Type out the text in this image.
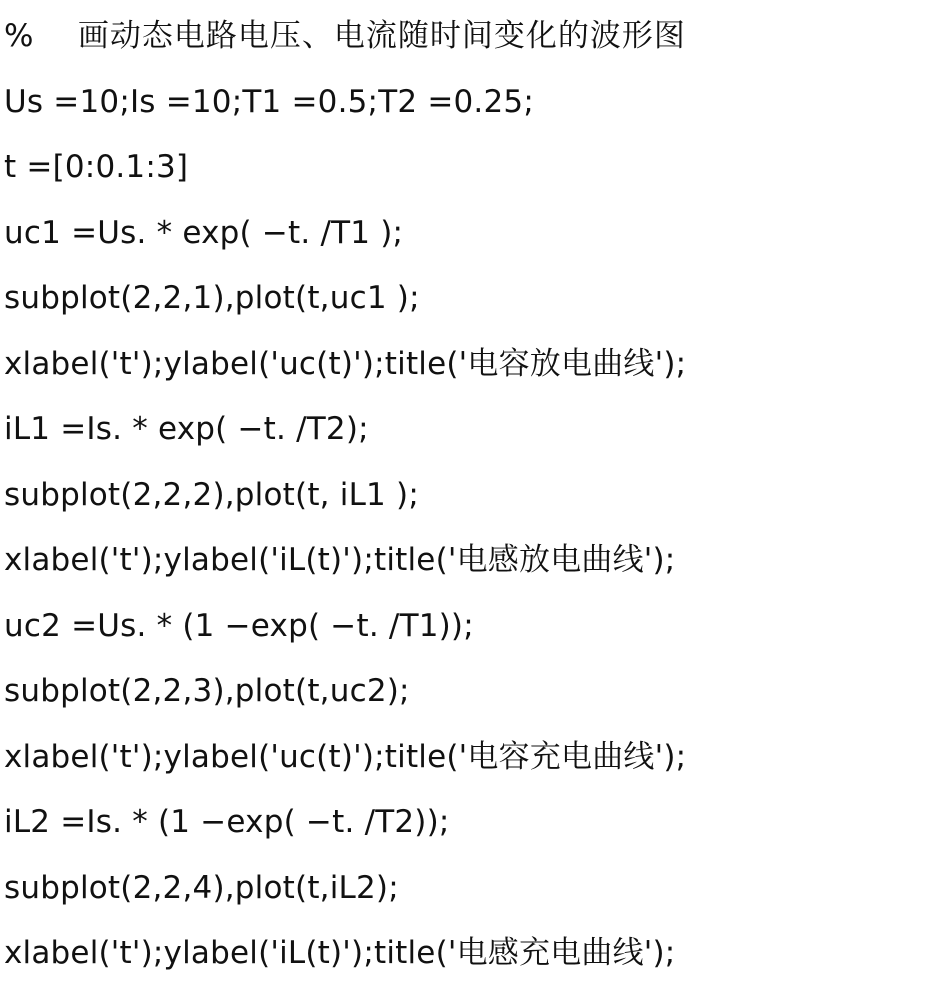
%    画动态电路电压、电流随时间变化的波形图
Us =10;Is =10;T1 =0.5;T2 =0.25;
t =[0:0.1:3]
uc1 =Us. * exp( −t. /T1 );
subplot(2,2,1),plot(t,uc1 );
xlabel('t');ylabel('uc(t)');title('电容放电曲线');
iL1 =Is. * exp( −t. /T2);
subplot(2,2,2),plot(t, iL1 );
xlabel('t');ylabel('iL(t)');title('电感放电曲线');
uc2 =Us. * (1 −exp( −t. /T1));
subplot(2,2,3),plot(t,uc2);
xlabel('t');ylabel('uc(t)');title('电容充电曲线');
iL2 =Is. * (1 −exp( −t. /T2));
subplot(2,2,4),plot(t,iL2);
xlabel('t');ylabel('iL(t)');title('电感充电曲线');
